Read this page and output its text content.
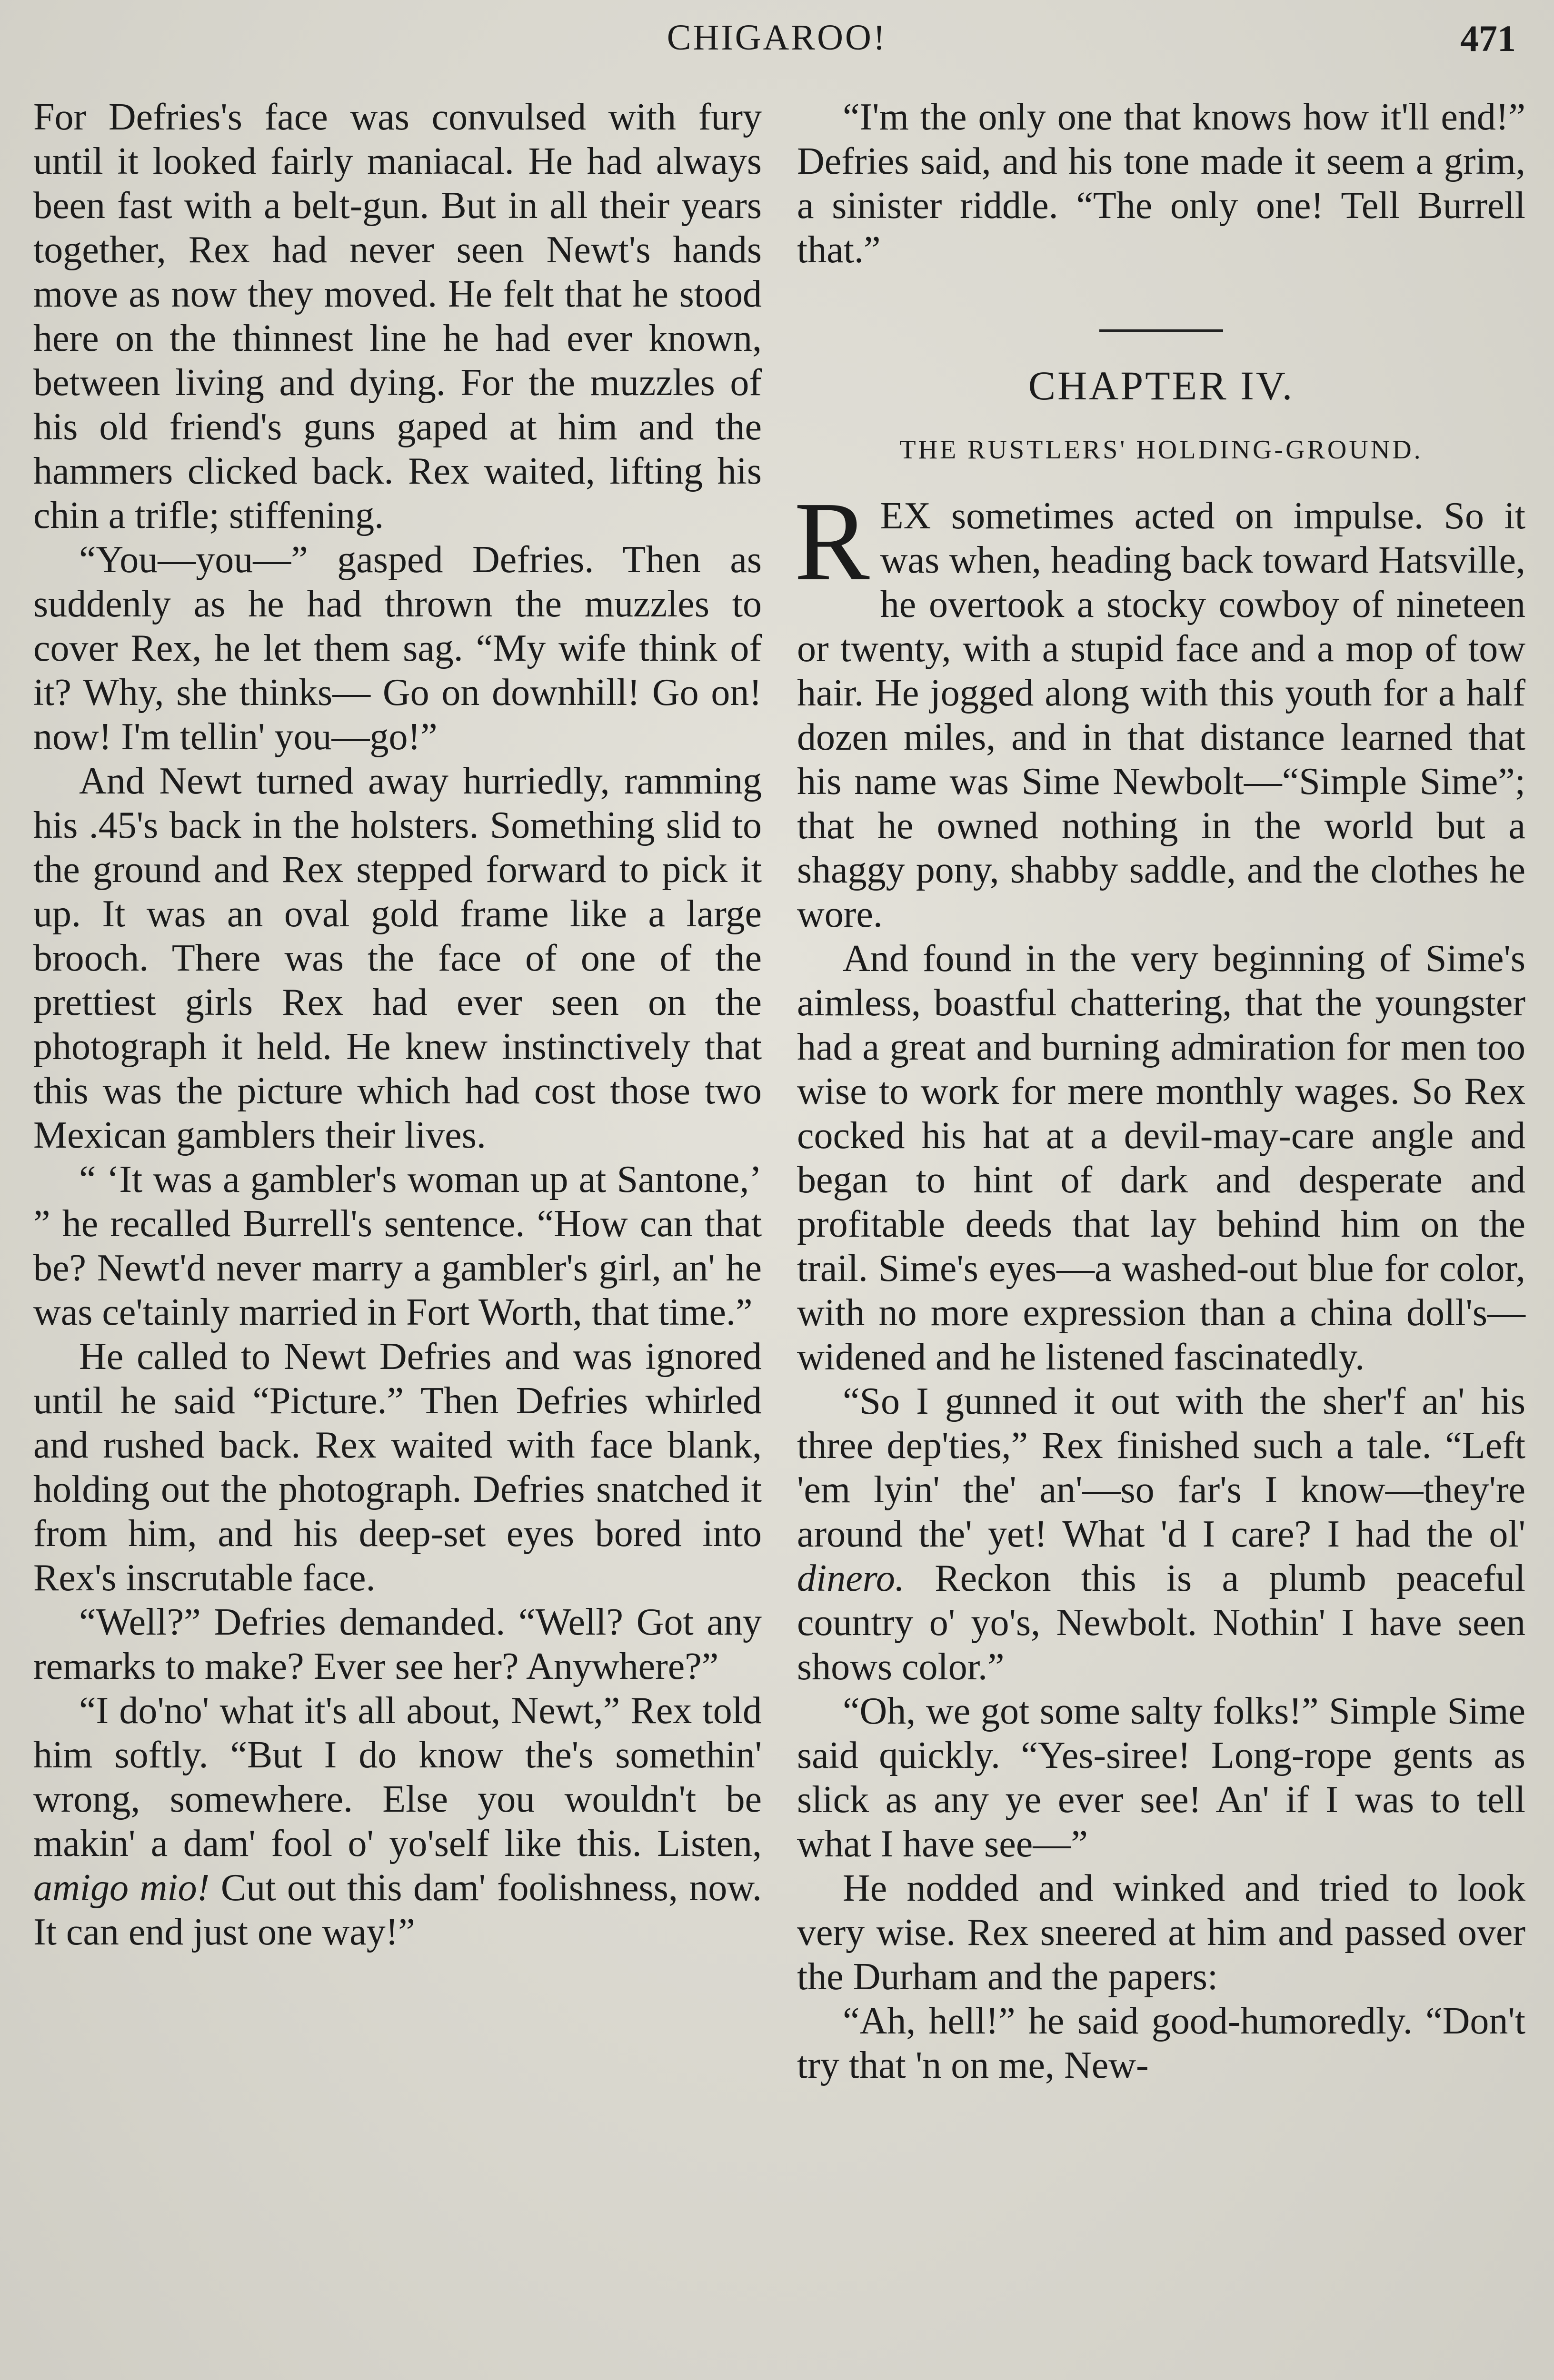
CHIGAROO!	471

For Defries's face was convulsed with fury until it looked fairly maniacal. He had always been fast with a belt-gun. But in all their years together, Rex had never seen Newt's hands move as now they moved. He felt that he stood here on the thinnest line he had ever known, between living and dying. For the muzzles of his old friend's guns gaped at him and the hammers clicked back. Rex waited, lifting his chin a trifle; stiffening.

“You—you—” gasped Defries. Then as suddenly as he had thrown the muzzles to cover Rex, he let them sag. “My wife think of it? Why, she thinks— Go on downhill! Go on! now! I'm tellin' you—go!”

And Newt turned away hurriedly, ramming his .45's back in the holsters. Something slid to the ground and Rex stepped forward to pick it up. It was an oval gold frame like a large brooch. There was the face of one of the prettiest girls Rex had ever seen on the photograph it held. He knew instinctively that this was the picture which had cost those two Mexican gamblers their lives.

“ ‘It was a gambler's woman up at Santone,’ ” he recalled Burrell's sentence. “How can that be? Newt'd never marry a gambler's girl, an' he was ce'tainly married in Fort Worth, that time.”

He called to Newt Defries and was ignored until he said “Picture.” Then Defries whirled and rushed back. Rex waited with face blank, holding out the photograph. Defries snatched it from him, and his deep-set eyes bored into Rex's inscrutable face.

“Well?” Defries demanded. “Well? Got any remarks to make? Ever see her? Anywhere?”

“I do'no' what it's all about, Newt,” Rex told him softly. “But I do know the's somethin' wrong, somewhere. Else you wouldn't be makin' a dam' fool o' yo'self like this. Listen, amigo mio! Cut out this dam' foolishness, now. It can end just one way!”

“I'm the only one that knows how it'll end!” Defries said, and his tone made it seem a grim, a sinister riddle. “The only one! Tell Burrell that.”

CHAPTER IV.
THE RUSTLERS' HOLDING-GROUND.

REX sometimes acted on impulse. So it was when, heading back toward Hatsville, he overtook a stocky cowboy of nineteen or twenty, with a stupid face and a mop of tow hair. He jogged along with this youth for a half dozen miles, and in that distance learned that his name was Sime Newbolt—“Simple Sime”; that he owned nothing in the world but a shaggy pony, shabby saddle, and the clothes he wore.

And found in the very beginning of Sime's aimless, boastful chattering, that the youngster had a great and burning admiration for men too wise to work for mere monthly wages. So Rex cocked his hat at a devil-may-care angle and began to hint of dark and desperate and profitable deeds that lay behind him on the trail. Sime's eyes—a washed-out blue for color, with no more expression than a china doll's—widened and he listened fascinatedly.

“So I gunned it out with the sher'f an' his three dep'ties,” Rex finished such a tale. “Left 'em lyin' the' an'—so far's I know—they're around the' yet! What 'd I care? I had the ol' dinero. Reckon this is a plumb peaceful country o' yo's, Newbolt. Nothin' I have seen shows color.”

“Oh, we got some salty folks!” Simple Sime said quickly. “Yes-siree! Long-rope gents as slick as any ye ever see! An' if I was to tell what I have see—”

He nodded and winked and tried to look very wise. Rex sneered at him and passed over the Durham and the papers:

“Ah, hell!” he said good-humoredly. “Don't try that 'n on me, New-
